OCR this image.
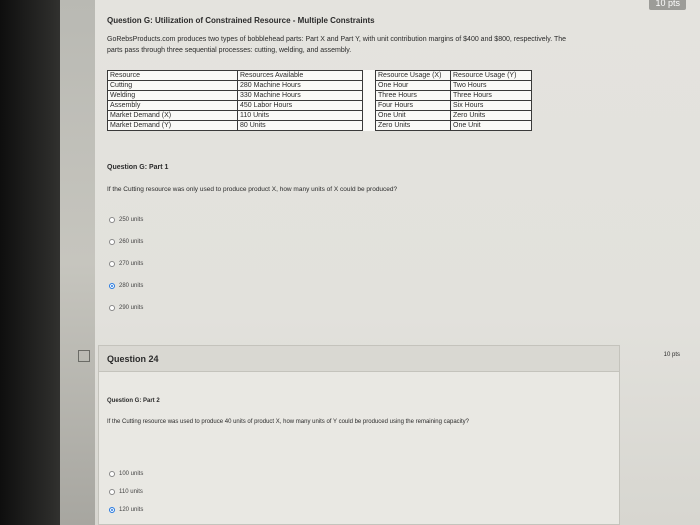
10 pts
Question G: Utilization of Constrained Resource - Multiple Constraints
GoRebsProducts.com produces two types of bobblehead parts: Part X and Part Y, with unit contribution margins of $400 and $800, respectively. The parts pass through three sequential processes: cutting, welding, and assembly.
Resource	Resources Available		Resource Usage (X)	Resource Usage (Y)
Cutting	280 Machine Hours		One Hour	Two Hours
Welding	330 Machine Hours		Three Hours	Three Hours
Assembly	450 Labor Hours		Four Hours	Six Hours
Market Demand (X)	110 Units		One Unit	Zero Units
Market Demand (Y)	80 Units		Zero Units	One Unit
Question G: Part 1
If the Cutting resource was only used to produce product X, how many units of X could be produced?
250 units
260 units
270 units
280 units
290 units
Question 24	10 pts
Question G: Part 2
If the Cutting resource was used to produce 40 units of product X, how many units of Y could be produced using the remaining capacity?
100 units
110 units
120 units
